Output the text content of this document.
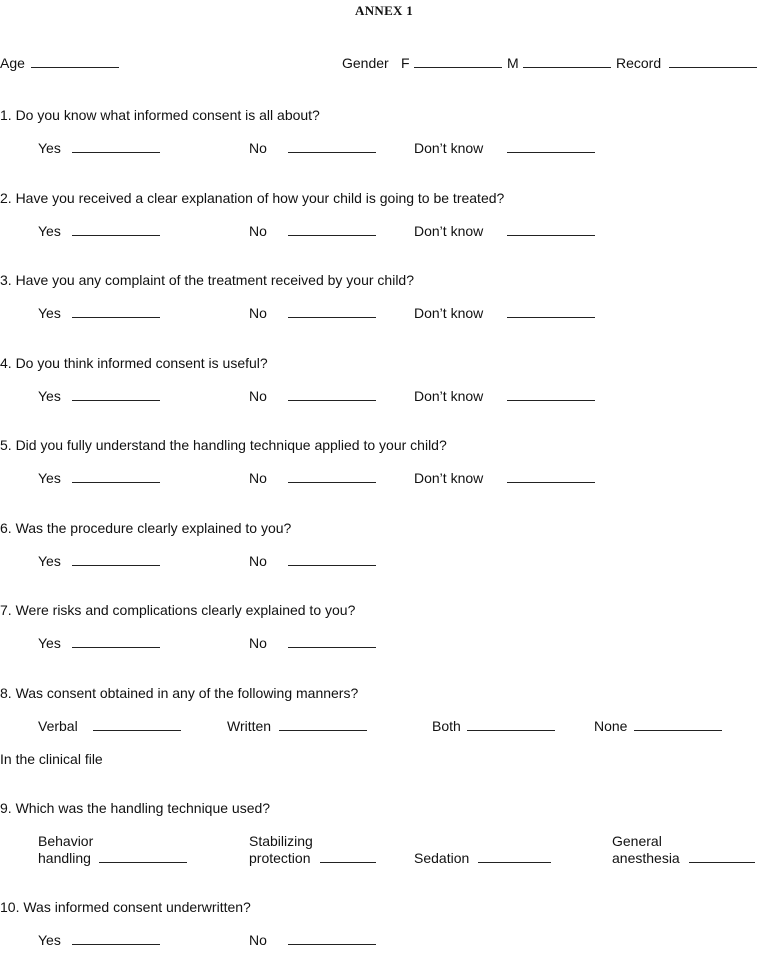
ANNEX 1
Age	Gender F	M	Record
1. Do you know what informed consent is all about?
Yes	No	Don’t know
2. Have you received a clear explanation of how your child is going to be treated?
Yes	No	Don’t know
3. Have you any complaint of the treatment received by your child?
Yes	No	Don’t know
4. Do you think informed consent is useful?
Yes	No	Don’t know
5. Did you fully understand the handling technique applied to your child?
Yes	No	Don’t know
6. Was the procedure clearly explained to you?
Yes	No
7. Were risks and complications clearly explained to you?
Yes	No
8. Was consent obtained in any of the following manners?
Verbal	Written	Both	None
In the clinical file
9. Which was the handling technique used?
Behavior
handling
Stabilizing
protection	Sedation
General
anesthesia
10. Was informed consent underwritten?
Yes	No
